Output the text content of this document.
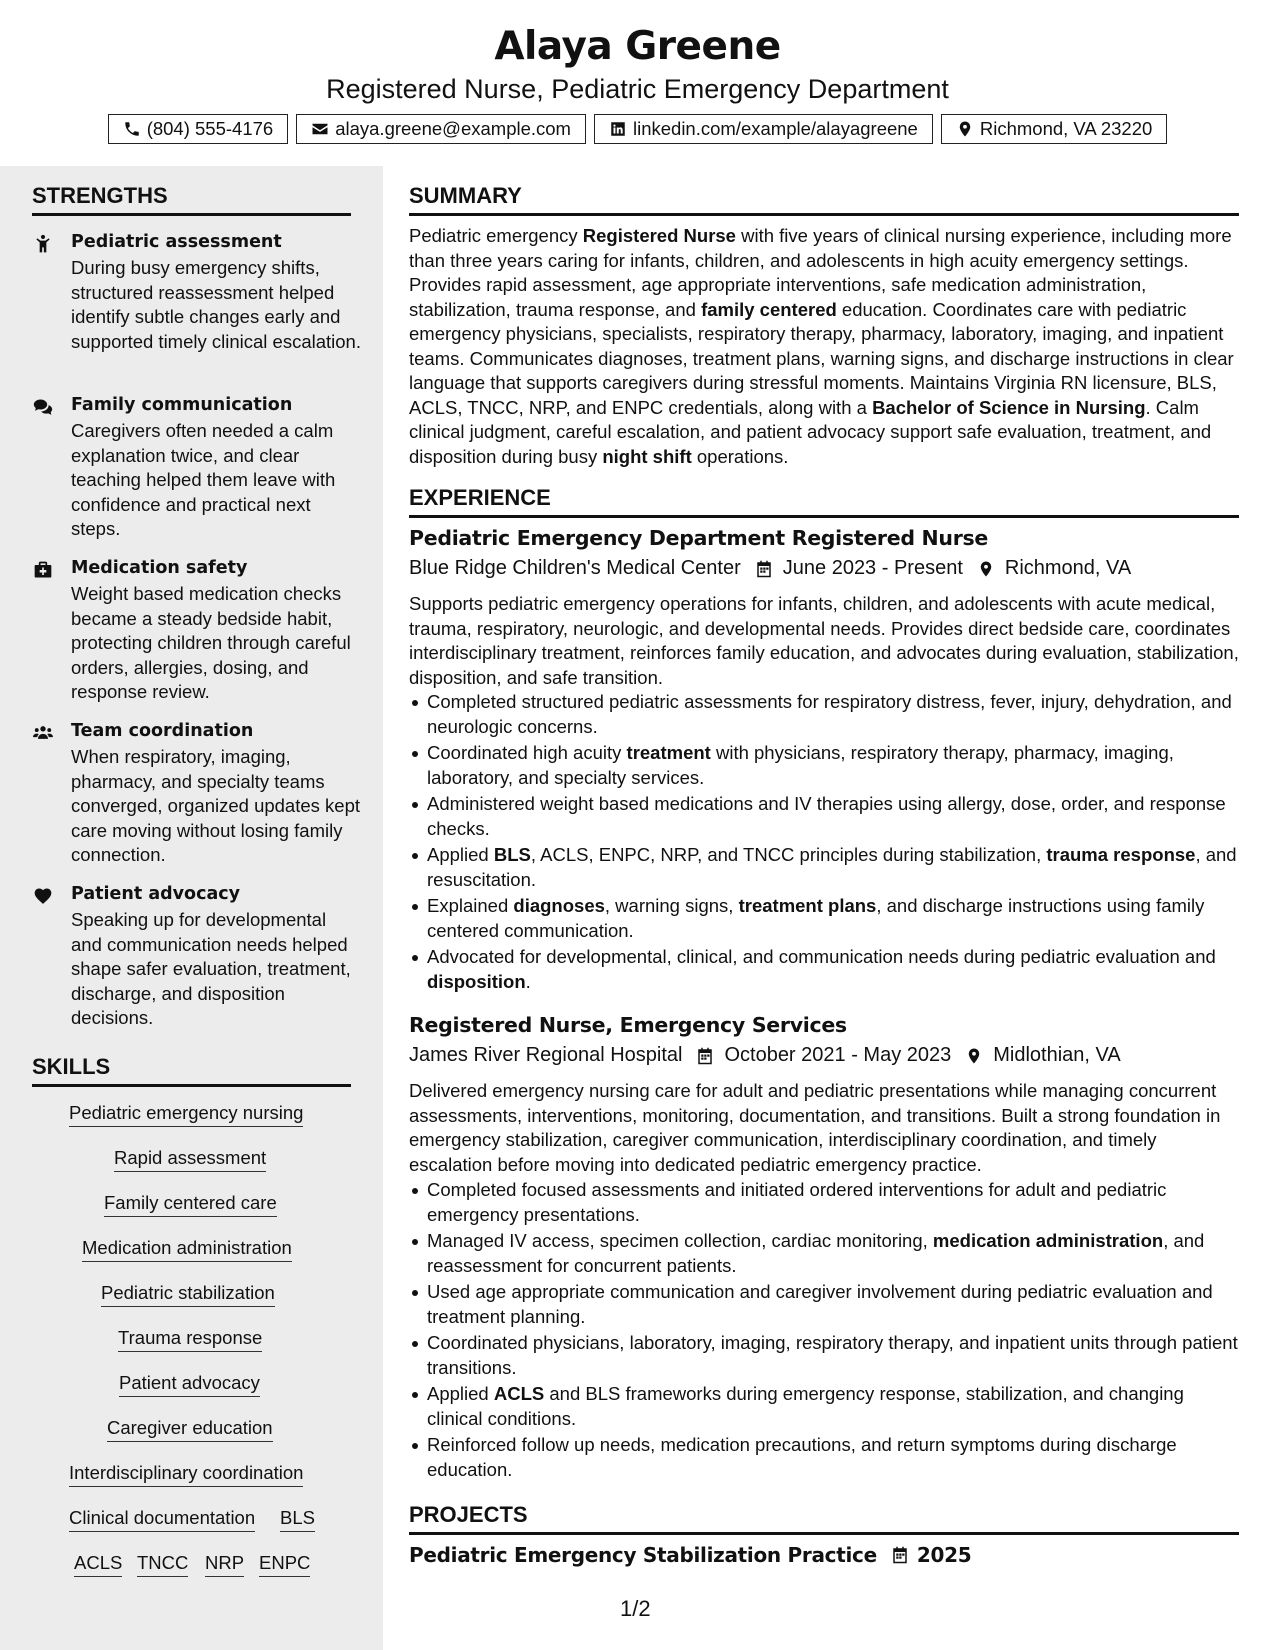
Alaya Greene
Registered Nurse, Pediatric Emergency Department
(804) 555-4176	alaya.greene@example.com	linkedin.com/example/alayagreene	Richmond, VA 23220
STRENGTHS
Pediatric assessment
During busy emergency shifts, structured reassessment helped identify subtle changes early and supported timely clinical escalation.
Family communication
Caregivers often needed a calm explanation twice, and clear teaching helped them leave with confidence and practical next steps.
Medication safety
Weight based medication checks became a steady bedside habit, protecting children through careful orders, allergies, dosing, and response review.
Team coordination
When respiratory, imaging, pharmacy, and specialty teams converged, organized updates kept care moving without losing family connection.
Patient advocacy
Speaking up for developmental and communication needs helped shape safer evaluation, treatment, discharge, and disposition decisions.
SKILLS
Pediatric emergency nursing
Rapid assessment
Family centered care
Medication administration
Pediatric stabilization
Trauma response
Patient advocacy
Caregiver education
Interdisciplinary coordination
Clinical documentation BLS
ACLS TNCC NRP ENPC
SUMMARY
Pediatric emergency Registered Nurse with five years of clinical nursing experience, including more than three years caring for infants, children, and adolescents in high acuity emergency settings. Provides rapid assessment, age appropriate interventions, safe medication administration, stabilization, trauma response, and family centered education. Coordinates care with pediatric emergency physicians, specialists, respiratory therapy, pharmacy, laboratory, imaging, and inpatient teams. Communicates diagnoses, treatment plans, warning signs, and discharge instructions in clear language that supports caregivers during stressful moments. Maintains Virginia RN licensure, BLS, ACLS, TNCC, NRP, and ENPC credentials, along with a Bachelor of Science in Nursing. Calm clinical judgment, careful escalation, and patient advocacy support safe evaluation, treatment, and disposition during busy night shift operations.
EXPERIENCE
Pediatric Emergency Department Registered Nurse
Blue Ridge Children's Medical Center June 2023 - Present Richmond, VA
Supports pediatric emergency operations for infants, children, and adolescents with acute medical, trauma, respiratory, neurologic, and developmental needs. Provides direct bedside care, coordinates interdisciplinary treatment, reinforces family education, and advocates during evaluation, stabilization, disposition, and safe transition.
Completed structured pediatric assessments for respiratory distress, fever, injury, dehydration, and neurologic concerns.
Coordinated high acuity treatment with physicians, respiratory therapy, pharmacy, imaging, laboratory, and specialty services.
Administered weight based medications and IV therapies using allergy, dose, order, and response checks.
Applied BLS, ACLS, ENPC, NRP, and TNCC principles during stabilization, trauma response, and resuscitation.
Explained diagnoses, warning signs, treatment plans, and discharge instructions using family centered communication.
Advocated for developmental, clinical, and communication needs during pediatric evaluation and disposition.
Registered Nurse, Emergency Services
James River Regional Hospital October 2021 - May 2023 Midlothian, VA
Delivered emergency nursing care for adult and pediatric presentations while managing concurrent assessments, interventions, monitoring, documentation, and transitions. Built a strong foundation in emergency stabilization, caregiver communication, interdisciplinary coordination, and timely escalation before moving into dedicated pediatric emergency practice.
Completed focused assessments and initiated ordered interventions for adult and pediatric emergency presentations.
Managed IV access, specimen collection, cardiac monitoring, medication administration, and reassessment for concurrent patients.
Used age appropriate communication and caregiver involvement during pediatric evaluation and treatment planning.
Coordinated physicians, laboratory, imaging, respiratory therapy, and inpatient units through patient transitions.
Applied ACLS and BLS frameworks during emergency response, stabilization, and changing clinical conditions.
Reinforced follow up needs, medication precautions, and return symptoms during discharge education.
PROJECTS
Pediatric Emergency Stabilization Practice 2025
1/2
